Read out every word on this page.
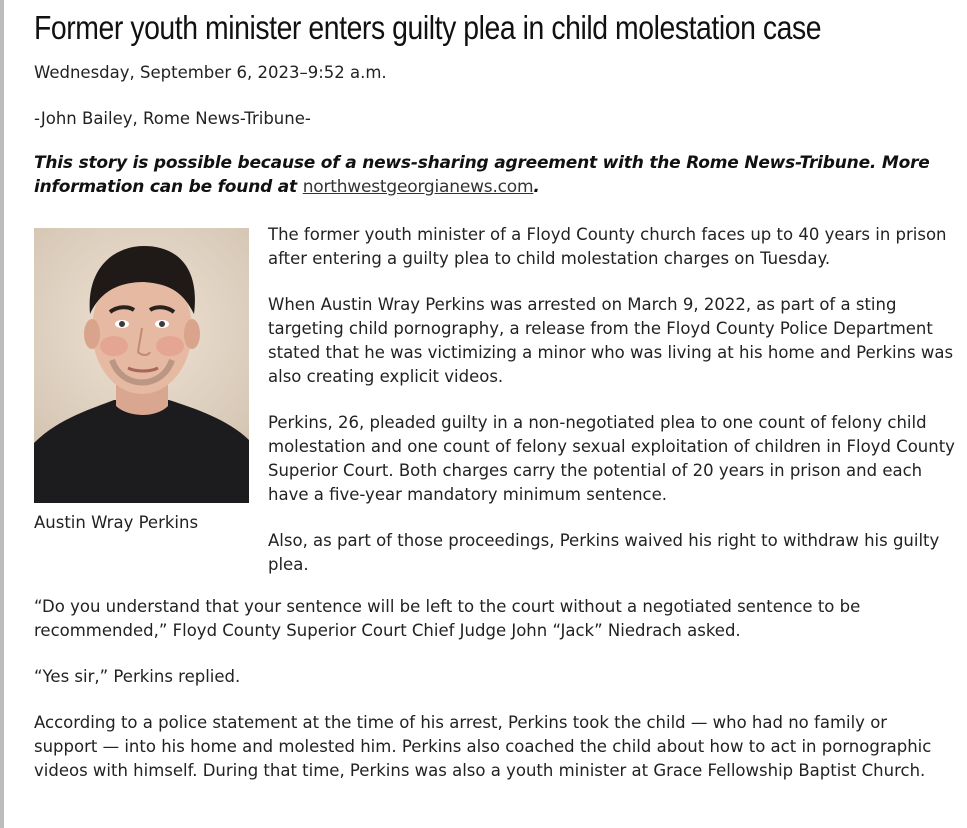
Former youth minister enters guilty plea in child molestation case
Wednesday, September 6, 2023–9:52 a.m.
-John Bailey, Rome News-Tribune-
This story is possible because of a news-sharing agreement with the Rome News-Tribune. More information can be found at northwestgeorgianews.com.
Austin Wray Perkins

The former youth minister of a Floyd County church faces up to 40 years in prison after entering a guilty plea to child molestation charges on Tuesday.

When Austin Wray Perkins was arrested on March 9, 2022, as part of a sting targeting child pornography, a release from the Floyd County Police Department stated that he was victimizing a minor who was living at his home and Perkins was also creating explicit videos.

Perkins, 26, pleaded guilty in a non-negotiated plea to one count of felony child molestation and one count of felony sexual exploitation of children in Floyd County Superior Court. Both charges carry the potential of 20 years in prison and each have a five-year mandatory minimum sentence.

Also, as part of those proceedings, Perkins waived his right to withdraw his guilty plea.

“Do you understand that your sentence will be left to the court without a negotiated sentence to be recommended,” Floyd County Superior Court Chief Judge John “Jack” Niedrach asked.

“Yes sir,” Perkins replied.

According to a police statement at the time of his arrest, Perkins took the child — who had no family or support — into his home and molested him. Perkins also coached the child about how to act in pornographic videos with himself. During that time, Perkins was also a youth minister at Grace Fellowship Baptist Church.
